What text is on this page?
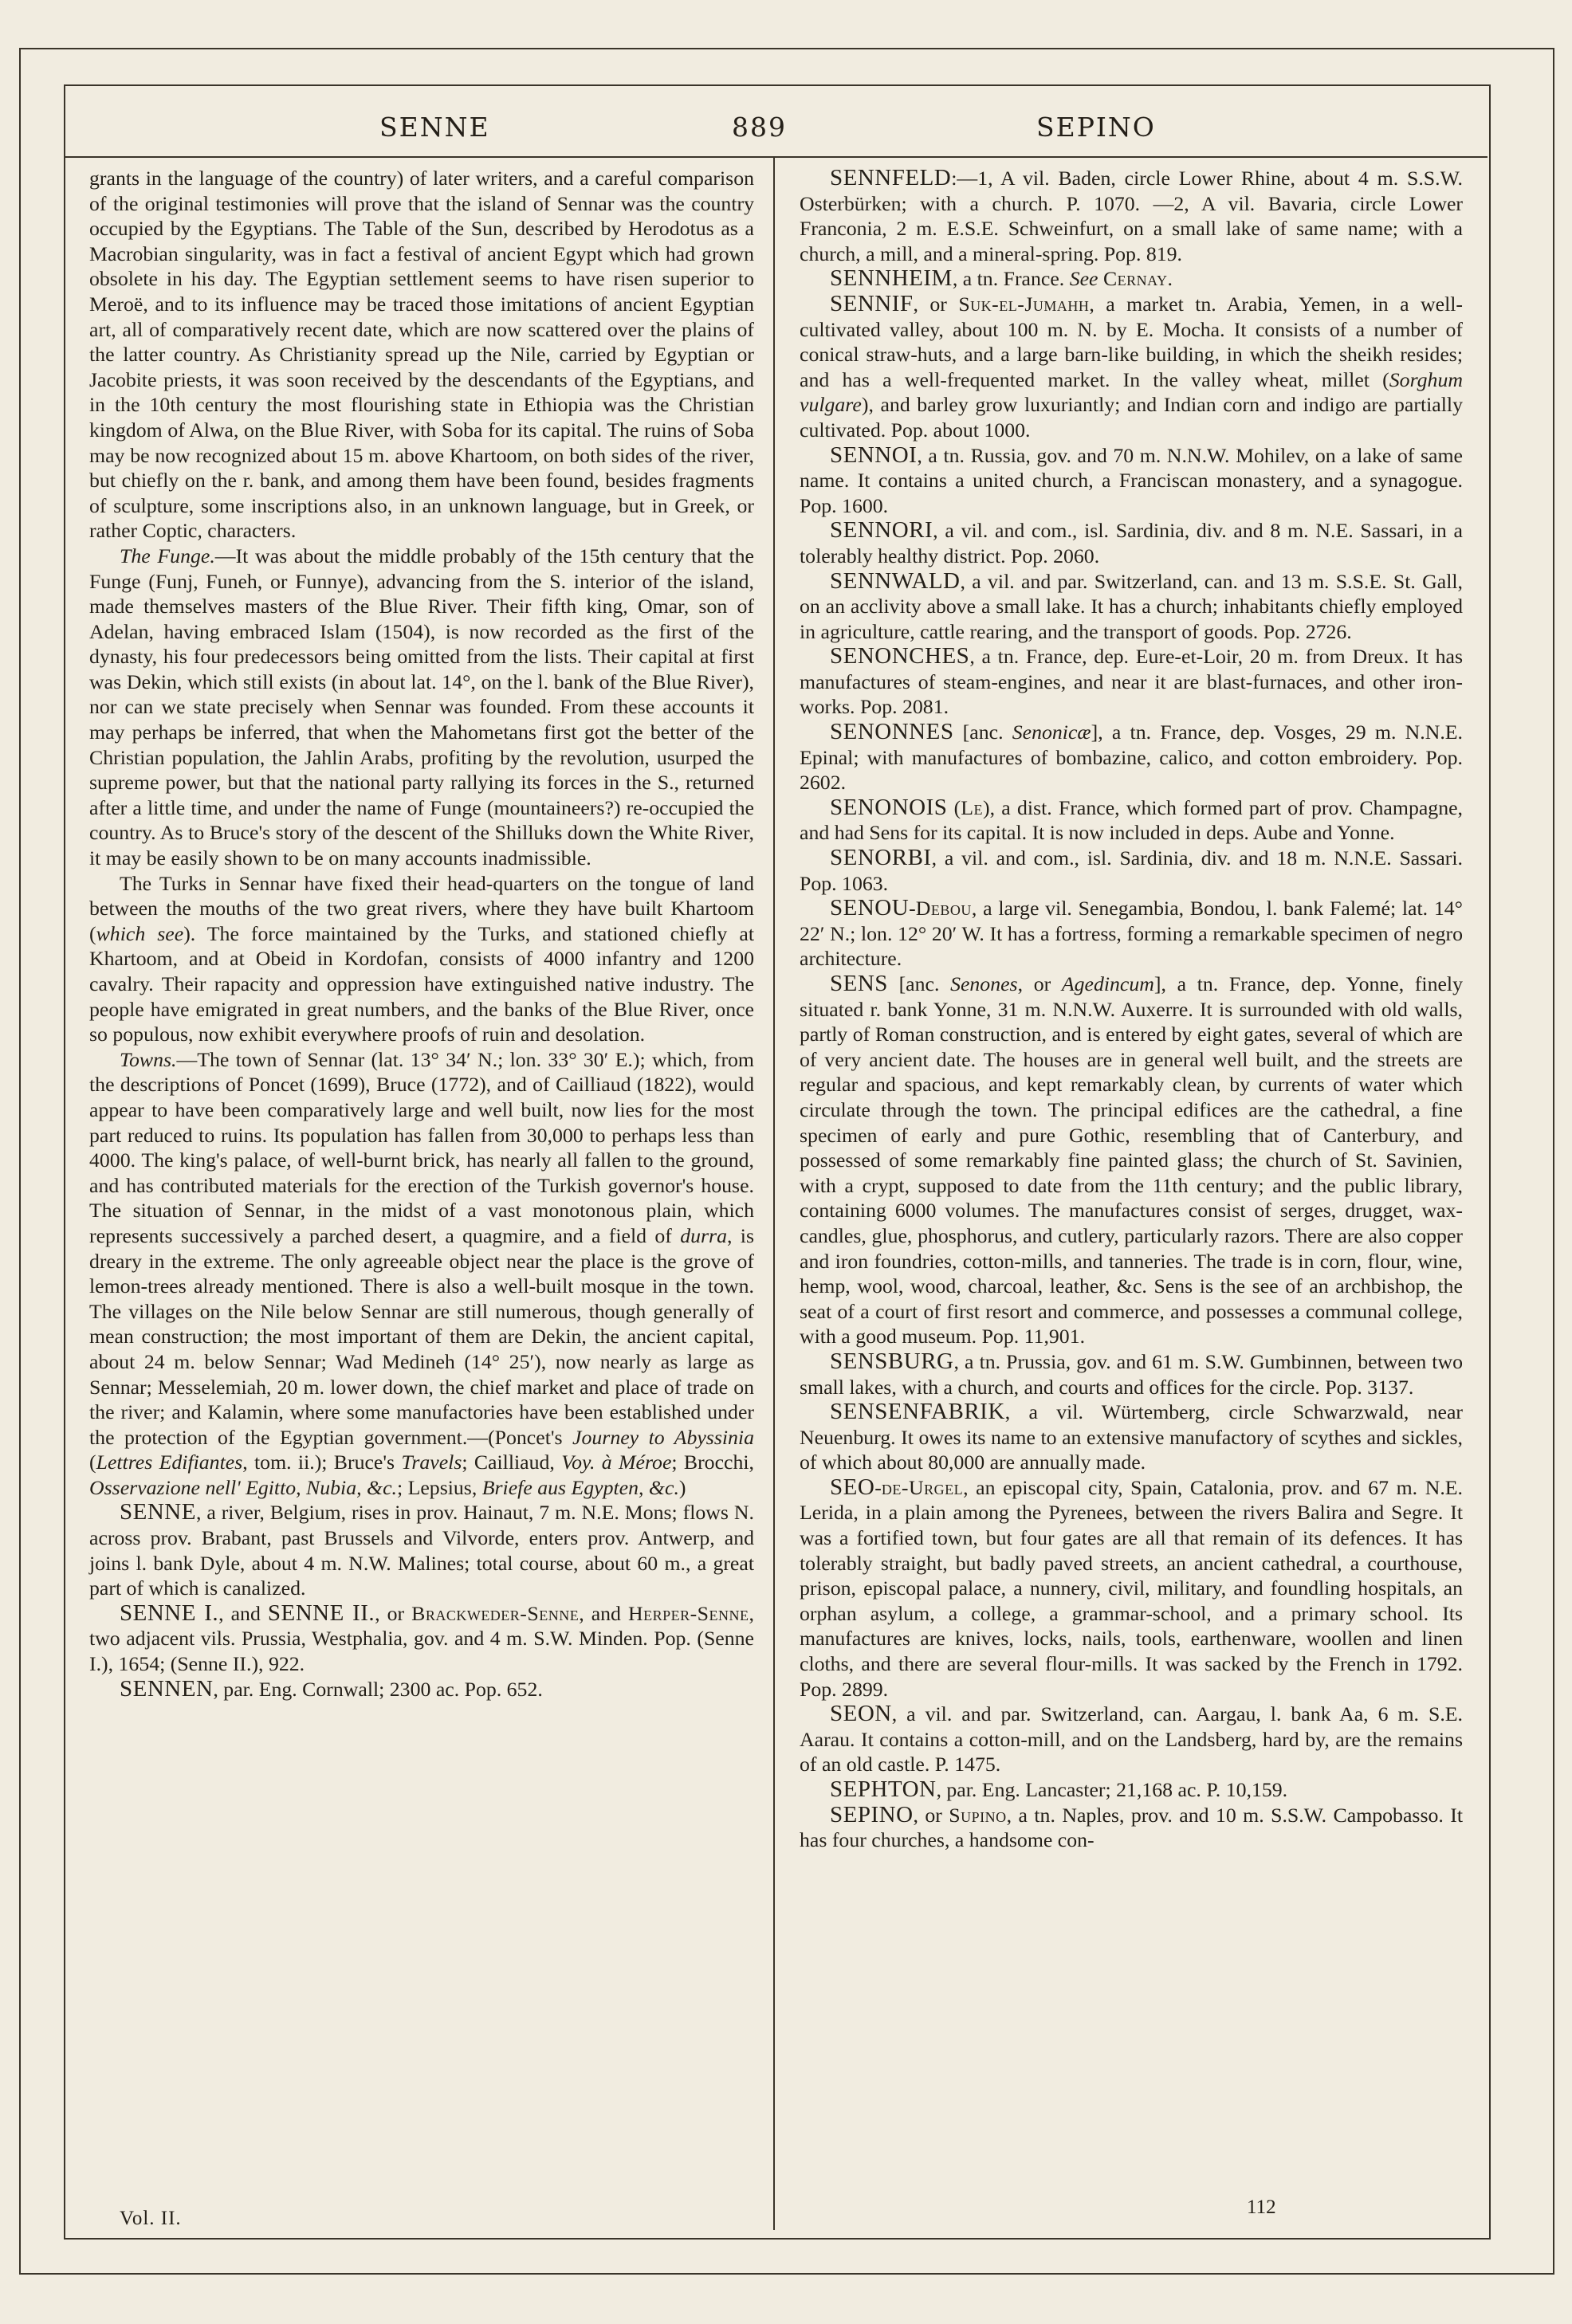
SENNE	889	SEPINO

grants in the language of the country) of later writers, and a careful comparison of the original testimonies will prove that the island of Sennar was the country occupied by the Egyptians. The Table of the Sun, described by Herodotus as a Macrobian singularity, was in fact a festival of ancient Egypt which had grown obsolete in his day. The Egyptian settlement seems to have risen superior to Meroë, and to its influence may be traced those imitations of ancient Egyptian art, all of comparatively recent date, which are now scattered over the plains of the latter country. As Christianity spread up the Nile, carried by Egyptian or Jacobite priests, it was soon received by the descendants of the Egyptians, and in the 10th century the most flourishing state in Ethiopia was the Christian kingdom of Alwa, on the Blue River, with Soba for its capital. The ruins of Soba may be now recognized about 15 m. above Khartoom, on both sides of the river, but chiefly on the r. bank, and among them have been found, besides fragments of sculpture, some inscriptions also, in an unknown language, but in Greek, or rather Coptic, characters.

The Funge.—It was about the middle probably of the 15th century that the Funge (Funj, Funeh, or Funnye), advancing from the S. interior of the island, made themselves masters of the Blue River. Their fifth king, Omar, son of Adelan, having embraced Islam (1504), is now recorded as the first of the dynasty, his four predecessors being omitted from the lists. Their capital at first was Dekin, which still exists (in about lat. 14°, on the l. bank of the Blue River), nor can we state precisely when Sennar was founded. From these accounts it may perhaps be inferred, that when the Mahometans first got the better of the Christian population, the Jahlin Arabs, profiting by the revolution, usurped the supreme power, but that the national party rallying its forces in the S., returned after a little time, and under the name of Funge (mountaineers?) re-occupied the country. As to Bruce's story of the descent of the Shilluks down the White River, it may be easily shown to be on many accounts inadmissible.

The Turks in Sennar have fixed their head-quarters on the tongue of land between the mouths of the two great rivers, where they have built Khartoom (which see). The force maintained by the Turks, and stationed chiefly at Khartoom, and at Obeid in Kordofan, consists of 4000 infantry and 1200 cavalry. Their rapacity and oppression have extinguished native industry. The people have emigrated in great numbers, and the banks of the Blue River, once so populous, now exhibit everywhere proofs of ruin and desolation.

Towns.—The town of Sennar (lat. 13° 34′ N.; lon. 33° 30′ E.); which, from the descriptions of Poncet (1699), Bruce (1772), and of Cailliaud (1822), would appear to have been comparatively large and well built, now lies for the most part reduced to ruins. Its population has fallen from 30,000 to perhaps less than 4000. The king's palace, of well-burnt brick, has nearly all fallen to the ground, and has contributed materials for the erection of the Turkish governor's house. The situation of Sennar, in the midst of a vast monotonous plain, which represents successively a parched desert, a quagmire, and a field of durra, is dreary in the extreme. The only agreeable object near the place is the grove of lemon-trees already mentioned. There is also a well-built mosque in the town. The villages on the Nile below Sennar are still numerous, though generally of mean construction; the most important of them are Dekin, the ancient capital, about 24 m. below Sennar; Wad Medineh (14° 25′), now nearly as large as Sennar; Messelemiah, 20 m. lower down, the chief market and place of trade on the river; and Kalamin, where some manufactories have been established under the protection of the Egyptian government.—(Poncet's Journey to Abyssinia (Lettres Edifiantes, tom. ii.); Bruce's Travels; Cailliaud, Voy. à Méroe; Brocchi, Osservazione nell' Egitto, Nubia, &c.; Lepsius, Briefe aus Egypten, &c.)

SENNE, a river, Belgium, rises in prov. Hainaut, 7 m. N.E. Mons; flows N. across prov. Brabant, past Brussels and Vilvorde, enters prov. Antwerp, and joins l. bank Dyle, about 4 m. N.W. Malines; total course, about 60 m., a great part of which is canalized.

SENNE I., and SENNE II., or Brackweder-Senne, and Herper-Senne, two adjacent vils. Prussia, Westphalia, gov. and 4 m. S.W. Minden. Pop. (Senne I.), 1654; (Senne II.), 922.

SENNEN, par. Eng. Cornwall; 2300 ac. Pop. 652.

SENNFELD:—1, A vil. Baden, circle Lower Rhine, about 4 m. S.S.W. Osterbürken; with a church. P. 1070. —2, A vil. Bavaria, circle Lower Franconia, 2 m. E.S.E. Schweinfurt, on a small lake of same name; with a church, a mill, and a mineral-spring. Pop. 819.

SENNHEIM, a tn. France. See Cernay.

SENNIF, or Suk-el-Jumahh, a market tn. Arabia, Yemen, in a well-cultivated valley, about 100 m. N. by E. Mocha. It consists of a number of conical straw-huts, and a large barn-like building, in which the sheikh resides; and has a well-frequented market. In the valley wheat, millet (Sorghum vulgare), and barley grow luxuriantly; and Indian corn and indigo are partially cultivated. Pop. about 1000.

SENNOI, a tn. Russia, gov. and 70 m. N.N.W. Mohilev, on a lake of same name. It contains a united church, a Franciscan monastery, and a synagogue. Pop. 1600.

SENNORI, a vil. and com., isl. Sardinia, div. and 8 m. N.E. Sassari, in a tolerably healthy district. Pop. 2060.

SENNWALD, a vil. and par. Switzerland, can. and 13 m. S.S.E. St. Gall, on an acclivity above a small lake. It has a church; inhabitants chiefly employed in agriculture, cattle rearing, and the transport of goods. Pop. 2726.

SENONCHES, a tn. France, dep. Eure-et-Loir, 20 m. from Dreux. It has manufactures of steam-engines, and near it are blast-furnaces, and other iron-works. Pop. 2081.

SENONNES [anc. Senonicæ], a tn. France, dep. Vosges, 29 m. N.N.E. Epinal; with manufactures of bombazine, calico, and cotton embroidery. Pop. 2602.

SENONOIS (Le), a dist. France, which formed part of prov. Champagne, and had Sens for its capital. It is now included in deps. Aube and Yonne.

SENORBI, a vil. and com., isl. Sardinia, div. and 18 m. N.N.E. Sassari. Pop. 1063.

SENOU-Debou, a large vil. Senegambia, Bondou, l. bank Falemé; lat. 14° 22′ N.; lon. 12° 20′ W. It has a fortress, forming a remarkable specimen of negro architecture.

SENS [anc. Senones, or Agedincum], a tn. France, dep. Yonne, finely situated r. bank Yonne, 31 m. N.N.W. Auxerre. It is surrounded with old walls, partly of Roman construction, and is entered by eight gates, several of which are of very ancient date. The houses are in general well built, and the streets are regular and spacious, and kept remarkably clean, by currents of water which circulate through the town. The principal edifices are the cathedral, a fine specimen of early and pure Gothic, resembling that of Canterbury, and possessed of some remarkably fine painted glass; the church of St. Savinien, with a crypt, supposed to date from the 11th century; and the public library, containing 6000 volumes. The manufactures consist of serges, drugget, wax-candles, glue, phosphorus, and cutlery, particularly razors. There are also copper and iron foundries, cotton-mills, and tanneries. The trade is in corn, flour, wine, hemp, wool, wood, charcoal, leather, &c. Sens is the see of an archbishop, the seat of a court of first resort and commerce, and possesses a communal college, with a good museum. Pop. 11,901.

SENSBURG, a tn. Prussia, gov. and 61 m. S.W. Gumbinnen, between two small lakes, with a church, and courts and offices for the circle. Pop. 3137.

SENSENFABRIK, a vil. Würtemberg, circle Schwarzwald, near Neuenburg. It owes its name to an extensive manufactory of scythes and sickles, of which about 80,000 are annually made.

SEO-de-Urgel, an episcopal city, Spain, Catalonia, prov. and 67 m. N.E. Lerida, in a plain among the Pyrenees, between the rivers Balira and Segre. It was a fortified town, but four gates are all that remain of its defences. It has tolerably straight, but badly paved streets, an ancient cathedral, a courthouse, prison, episcopal palace, a nunnery, civil, military, and foundling hospitals, an orphan asylum, a college, a grammar-school, and a primary school. Its manufactures are knives, locks, nails, tools, earthenware, woollen and linen cloths, and there are several flour-mills. It was sacked by the French in 1792. Pop. 2899.

SEON, a vil. and par. Switzerland, can. Aargau, l. bank Aa, 6 m. S.E. Aarau. It contains a cotton-mill, and on the Landsberg, hard by, are the remains of an old castle. P. 1475.

SEPHTON, par. Eng. Lancaster; 21,168 ac. P. 10,159.

SEPINO, or Supino, a tn. Naples, prov. and 10 m. S.S.W. Campobasso. It has four churches, a handsome con-

Vol. II.
112
